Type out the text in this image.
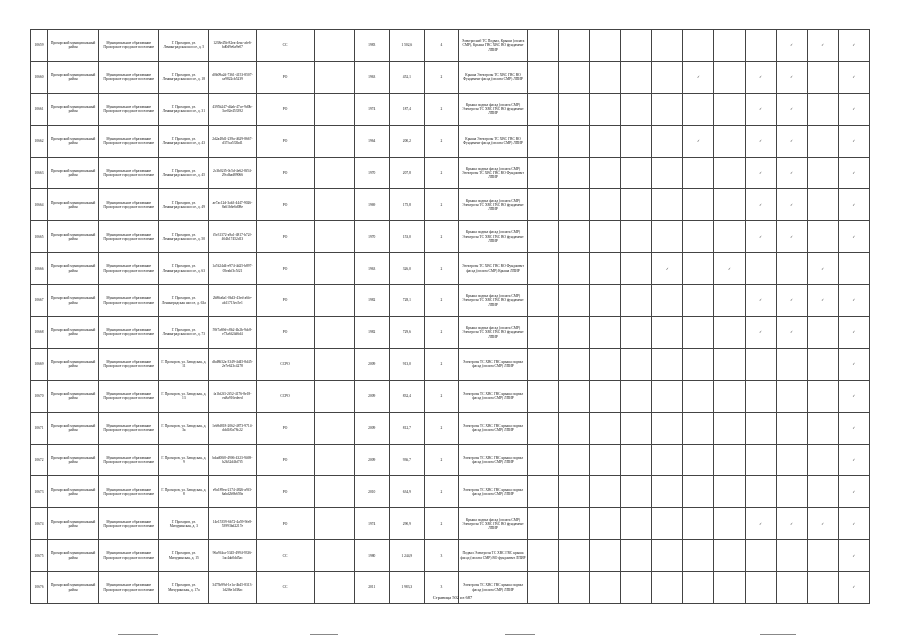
10659	Прохорский муниципальный район	Муниципальное образование Прохорское городское поселение	Г. Прохоров, ул. Ленинградская шоссе, д. 5	1238e45b-82ea-4eac-afe6-bd0d9e6a9e07	СС		1983	1 502,6	4	Электроснаб ТС Подвал, Крыши (оплата СМР), Крыша ГВС ХВС ВО фундамент ЛПИР									✓	✓	✓
10660	Прохорский муниципальный район	Муниципальное образование Прохорское городское поселение	Г. Прохоров, ул. Ленинградская шоссе, д. 18	d0b09a2d-7361-4153-8507-ca9822cb5239	РО		1963	452,1	2	Крыша Электроэн ТС ХВС ГВС ВО Фундамент фасад (оплата СМР) ЛПИР						✓		✓	✓		✓
10661	Прохорский муниципальный район	Муниципальное образование Прохорское городское поселение	Г. Прохоров, ул. Ленинградская шоссе, д. 31	4395b247-d4ab-47ce-9d0b-3ce02e453392	РО		1974	187,4	2	Крыша подвал фасад (оплата СМР) Электроэн ТС ХВС ГВС ВО фундамент ЛПИР								✓	✓		✓
10662	Прохорский муниципальный район	Муниципальное образование Прохорское городское поселение	Г. Прохоров, ул. Ленинградская шоссе, д. 43	2d2a48d1-239a-4629-8667-d37fca533bd1	РО		1964	200,2	2	Крыша Электроэн ТС ХВС ГВС ВО Фундамент фасад (оплата СМР) ЛПИР						✓		✓	✓		✓
10663	Прохорский муниципальный район	Муниципальное образование Прохорское городское поселение	Г. Прохоров, ул. Ленинградская шоссе, д. 45	2c3b02f5-0c5d-4e62-8f54-29cdbad89066	РО		1970	207,8	2	Крыша подвал фасад (оплата СМР) Электроэн ТС ХВС ГВС ВО Фундамент ЛПИР								✓	✓		✓
10664	Прохорский муниципальный район	Муниципальное образование Прохорское городское поселение	Г. Прохоров, ул. Ленинградская шоссе, д. 49	ae7ac12d-3ab3-4447-9026-8a61b6e6d08e	РО		1969	175,8	2	Крыша подвал фасад (оплата СМР) Электроэн ТС ХВС ГВС ВО фундамент ЛПИР								✓	✓		✓
10665	Прохорский муниципальный район	Муниципальное образование Прохорское городское поселение	Г. Прохоров, ул. Ленинградская шоссе, д. 50	f5e31372-a9a1-4817-b72f-464b17452d13	РО		1970	153,0	2	Крыша подвал фасад (оплата СМР) Электроэн ТС ХВС ГВС ВО фундамент ЛПИР								✓	✓		✓
10666	Прохорский муниципальный район	Муниципальное образование Прохорское городское поселение	Г. Прохоров, ул. Ленинградская шоссе, д. 63	1a7d24d4-e974-4d25-b897-05eabf3c5f21	РО		1963	326,0	2	Электроэн ТС ХВС ГВС ВО Фундамент фасад (оплата СМР) Крыша ЛПИР					✓		✓			✓	
10667	Прохорский муниципальный район	Муниципальное образование Прохорское городское поселение	Г. Прохоров, ул. Ленинградская шоссе, д. 63а	2b86a6a1-0b43-43ed-a6fe-ab11713ec5e1	РО		1982	728,1	2	Крыша подвал фасад (оплата СМР) Электроэн ТС ХВС ГВС ВО фундамент ЛПИР								✓	✓	✓	✓
10668	Прохорский муниципальный район	Муниципальное образование Прохорское городское поселение	Г. Прохоров, ул. Ленинградская шоссе, д. 73	59f7a69d-c8b2-4b2b-9dc8-e73a6f24d6d4	РО		1982	729,6	2	Крыша подвал фасад (оплата СМР) Электроэн ТС ХВС ГВС ВО фундамент ЛПИР								✓	✓		✓
10669	Прохорский муниципальный район	Муниципальное образование Прохорское городское поселение	Г. Прохоров, ул. Заводская, д. 11	dbd8632a-3349-4d45-8d45-2e7e623c4278	ССРО		2009	913,0	2	Электроэн ТС ХВС ГВС крыша подвал фасад (оплата СМР) ЛПИР											✓
10670	Прохорский муниципальный район	Муниципальное образование Прохорское городское поселение	Г. Прохоров, ул. Заводская, д. 13	fa1bf2f3-2f52-4176-8e18-ea8a916edeed	ССРО		2009	832,4	2	Электроэн ТС ХВС ГВС крыша подвал фасад (оплата СМР) ЛПИР											✓
10671	Прохорский муниципальный район	Муниципальное образование Прохорское городское поселение	Г. Прохоров, ул. Заводская, д. 3а	1eb9d818-2062-4873-9714-ddd1f0a78c22	РО		2009	812,7	2	Электроэн ТС ХВС ГВС крыша подвал фасад (оплата СМР) ЛПИР											✓
10672	Прохорский муниципальный район	Муниципальное образование Прохорское городское поселение	Г. Прохоров, ул. Заводская, д. 9	bdad00f0-4906-4323-9469-b2b32d4bf7f5	РО		2009	936,7	2	Электроэн ТС ХВС ГВС крыша подвал фасад (оплата СМР) ЛПИР											✓
10673	Прохорский муниципальный район	Муниципальное образование Прохорское городское поселение	Г. Прохоров, ул. Заводская, д. 8	e9a189ea-2174-4826-a9f3-6abd2b9b659a	РО		2010	634,9	2	Электроэн ТС ХВС ГВС крыша подвал фасад (оплата СМР) ЛПИР											✓
10674	Прохорский муниципальный район	Муниципальное образование Прохорское городское поселение	Г. Прохоров, ул. Мичуринская, д. 3	14e15359-6b72-4a59-9fe8-53993bd2217e	РО		1974	290,9	2	Крыша подвал фасад (оплата СМР) Электроэн ТС ХВС ГВС ВО фундамент ЛПИР								✓	✓	✓	✓
10675	Прохорский муниципальный район	Муниципальное образование Прохорское городское поселение	Г. Прохоров, ул. Мичуринская, д. 15	96a9f4ca-5345-4994-9336-1ac4ab0dd5ac	СС		1980	1 244,9	3	Подвал Электроэн ТС ХВС ГВС крыша фасад (оплата СМР) ВО фундамент ЛПИР											✓
10676	Прохорский муниципальный район	Муниципальное образование Прохорское городское поселение	Г. Прохоров, ул. Мичуринская, д. 17а	3475b99d-1e1a-4b45-8313-1d2f6e1d38ac	СС		2011	1 983,3	3	Электроэн ТС ХВС ГВС крыша подвал фасад (оплата СМР) ЛПИР											✓
Страница 502 из 687
